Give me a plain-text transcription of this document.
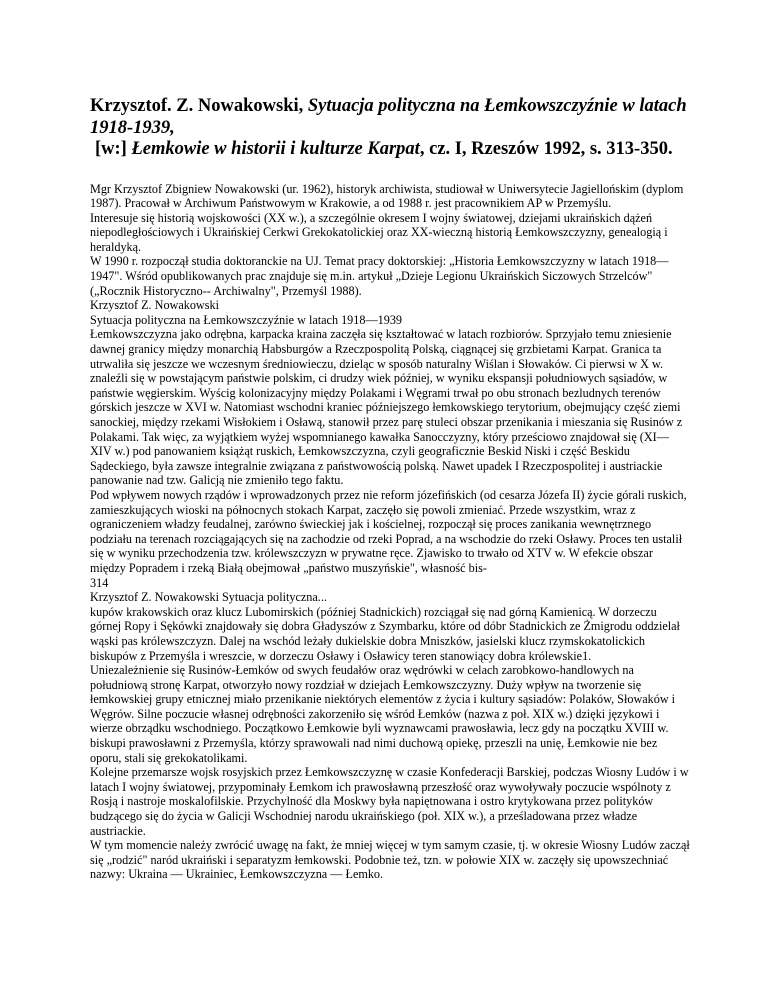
Krzysztof. Z. Nowakowski, Sytuacja polityczna na Łemkowszczyźnie w latach 1918-1939,
[w:] Łemkowie w historii i kulturze Karpat, cz. I, Rzeszów 1992, s. 313-350.

Mgr Krzysztof Zbigniew Nowakowski (ur. 1962), historyk archiwista, studiował w Uniwersytecie Jagiellońskim (dyplom 1987). Pracował w Archiwum Państwowym w Krakowie, a od 1988 r. jest pracownikiem AP w Przemyślu.

Interesuje się historią wojskowości (XX w.), a szczególnie okresem I wojny światowej, dziejami ukraińskich dążeń niepodległościowych i Ukraińskiej Cerkwi Grekokatolickiej oraz XX-wieczną historią Łemkowszczyzny, genealogią i heraldyką.

W 1990 r. rozpoczął studia doktoranckie na UJ. Temat pracy doktorskiej: „Historia Łemkowszczyzny w latach 1918—1947". Wśród opublikowanych prac znajduje się m.in. artykuł „Dzieje Legionu Ukraińskich Siczowych Strzelców" („Rocznik Historyczno-- Archiwalny", Przemyśl 1988).

Krzysztof Z. Nowakowski

Sytuacja polityczna na Łemkowszczyźnie w latach 1918—1939

Łemkowszczyzna jako odrębna, karpacka kraina zaczęła się kształtować w latach rozbiorów. Sprzyjało temu zniesienie dawnej granicy między monarchią Habsburgów a Rzeczpospolitą Polską, ciągnącej się grzbietami Karpat. Granica ta utrwaliła się jeszcze we wczesnym średniowieczu, dzieląc w sposób naturalny Wiślan i Słowaków. Ci pierwsi w X w. znaleźli się w powstającym państwie polskim, ci drudzy wiek później, w wyniku ekspansji południowych sąsiadów, w państwie węgierskim. Wyścig kolonizacyjny między Polakami i Węgrami trwał po obu stronach bezludnych terenów górskich jeszcze w XVI w. Natomiast wschodni kraniec późniejszego łemkowskiego terytorium, obejmujący część ziemi sanockiej, między rzekami Wisłokiem i Osławą, stanowił przez parę stuleci obszar przenikania i mieszania się Rusinów z Polakami. Tak więc, za wyjątkiem wyżej wspomnianego kawałka Sanocczyzny, który prześciowo znajdował się (XI—XIV w.) pod panowaniem książąt ruskich, Łemkowszczyzna, czyli geograficznie Beskid Niski i część Beskidu Sądeckiego, była zawsze integralnie związana z państwowością polską. Nawet upadek I Rzeczpospolitej i austriackie panowanie nad tzw. Galicją nie zmieniło tego faktu.

Pod wpływem nowych rządów i wprowadzonych przez nie reform józefińskich (od cesarza Józefa II) życie górali ruskich, zamieszkujących wioski na północnych stokach Karpat, zaczęło się powoli zmieniać. Przede wszystkim, wraz z ograniczeniem władzy feudalnej, zarówno świeckiej jak i kościelnej, rozpoczął się proces zanikania wewnętrznego podziału na terenach rozciągających się na zachodzie od rzeki Poprad, a na wschodzie do rzeki Osławy. Proces ten ustalił się w wyniku przechodzenia tzw. królewszczyzn w prywatne ręce. Zjawisko to trwało od XTV w. W efekcie obszar między Popradem i rzeką Białą obejmował „państwo muszyńskie", własność bis-

314

Krzysztof Z. Nowakowski Sytuacja polityczna...

kupów krakowskich oraz klucz Lubomirskich (później Stadnickich) rozciągał się nad górną Kamienicą. W dorzeczu górnej Ropy i Sękówki znajdowały się dobra Gładyszów z Szymbarku, które od dóbr Stadnickich ze Żmigrodu oddzielał wąski pas królewszczyzn. Dalej na wschód leżały dukielskie dobra Mniszków, jasielski klucz rzymskokatolickich biskupów z Przemyśla i wreszcie, w dorzeczu Osławy i Osławicy teren stanowiący dobra królewskie1.

Uniezależnienie się Rusinów-Łemków od swych feudałów oraz wędrówki w celach zarobkowo-handlowych na południową stronę Karpat, otworzyło nowy rozdział w dziejach Łemkowszczyzny. Duży wpływ na tworzenie się łemkowskiej grupy etnicznej miało przenikanie niektórych elementów z życia i kultury sąsiadów: Polaków, Słowaków i Węgrów. Silne poczucie własnej odrębności zakorzeniło się wśród Łemków (nazwa z poł. XIX w.) dzięki językowi i wierze obrządku wschodniego. Początkowo Łemkowie byli wyznawcami prawosławia, lecz gdy na początku XVIII w. biskupi prawosławni z Przemyśla, którzy sprawowali nad nimi duchową opiekę, przeszli na unię, Łemkowie nie bez oporu, stali się grekokatolikami.

Kolejne przemarsze wojsk rosyjskich przez Łemkowszczyznę w czasie Konfederacji Barskiej, podczas Wiosny Ludów i w latach I wojny światowej, przypominały Łemkom ich prawosławną przeszłość oraz wywoływały poczucie wspólnoty z Rosją i nastroje moskalofilskie. Przychylność dla Moskwy była napiętnowana i ostro krytykowana przez polityków budzącego się do życia w Galicji Wschodniej narodu ukraińskiego (poł. XIX w.), a prześladowana przez władze austriackie.

W tym momencie należy zwrócić uwagę na fakt, że mniej więcej w tym samym czasie, tj. w okresie Wiosny Ludów zaczął się „rodzić" naród ukraiński i separatyzm łemkowski. Podobnie też, tzn. w połowie XIX w. zaczęły się upowszechniać nazwy: Ukraina — Ukrainiec, Łemkowszczyzna — Łemko.
